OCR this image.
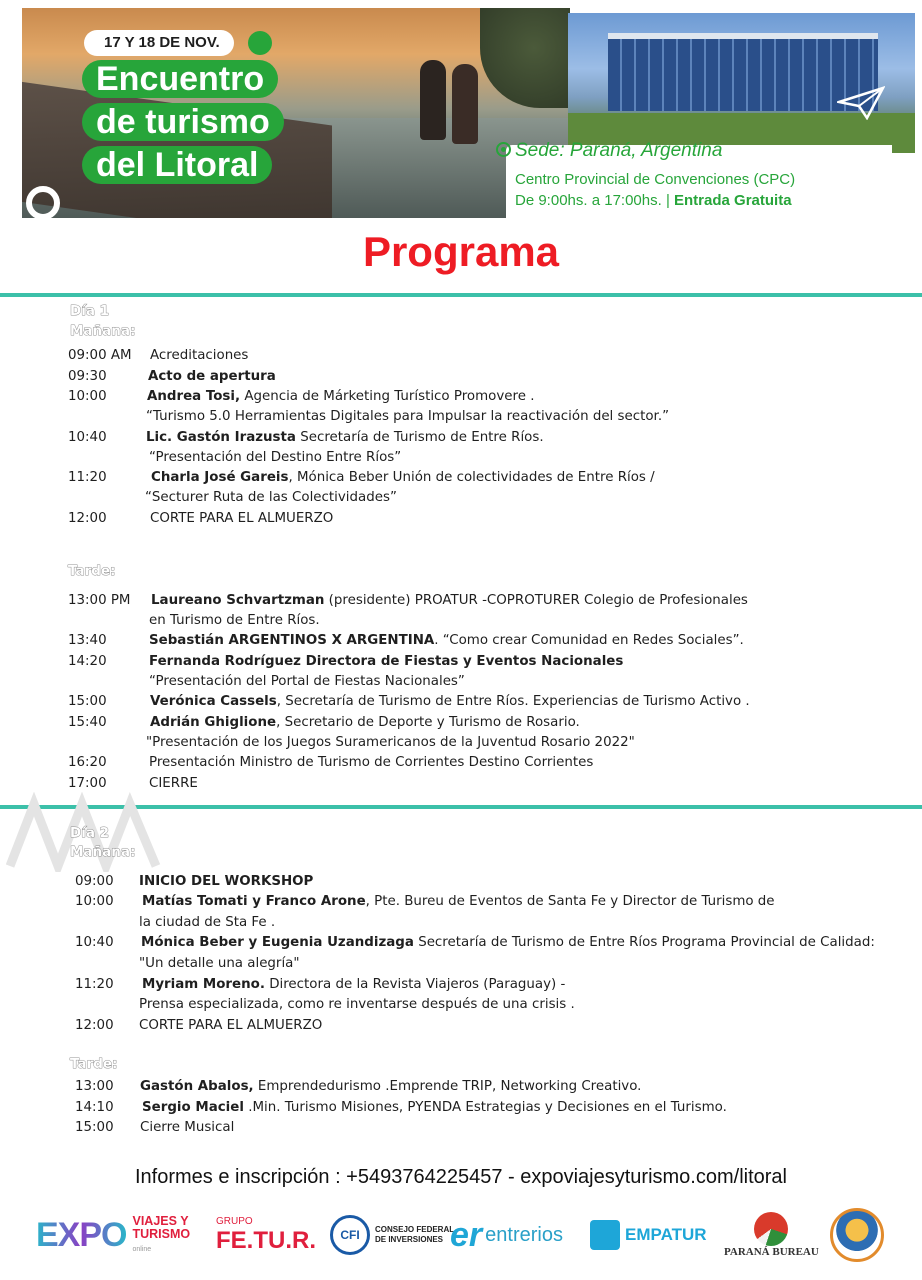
17 Y 18 DE NOV.
Encuentro
de turismo
del Litoral	Sede: Paraná, Argentina
Centro Provincial de Convenciones (CPC)
De 9:00hs. a 17:00hs. | Entrada Gratuita
Programa
Día 1
Mañana:
09:00 AM Acreditaciones
09:30	Acto de apertura
10:00	Andrea Tosi, Agencia de Márketing Turístico Promovere .
“Turismo 5.0 Herramientas Digitales para Impulsar la reactivación del sector.”
10:40	Lic. Gastón Irazusta Secretaría de Turismo de Entre Ríos.
“Presentación del Destino Entre Ríos”
11:20	Charla José Gareis, Mónica Beber Unión de colectividades de Entre Ríos /
“Secturer Ruta de las Colectividades”
12:00	CORTE PARA EL ALMUERZO
Tarde:
13:00 PM Laureano Schvartzman (presidente) PROATUR -COPROTURER Colegio de Profesionales
en Turismo de Entre Ríos.
13:40	Sebastián ARGENTINOS X ARGENTINA. “Como crear Comunidad en Redes Sociales”.
14:20	Fernanda Rodríguez Directora de Fiestas y Eventos Nacionales
“Presentación del Portal de Fiestas Nacionales”
15:00	Verónica Cassels, Secretaría de Turismo de Entre Ríos. Experiencias de Turismo Activo .
15:40	Adrián Ghiglione, Secretario de Deporte y Turismo de Rosario.
"Presentación de los Juegos Suramericanos de la Juventud Rosario 2022"
16:20	Presentación Ministro de Turismo de Corrientes Destino Corrientes
17:00	CIERRE
Día 2
Mañana:
09:00 INICIO DEL WORKSHOP
10:00 Matías Tomati y Franco Arone, Pte. Bureu de Eventos de Santa Fe y Director de Turismo de
la ciudad de Sta Fe .
10:40 Mónica Beber y Eugenia Uzandizaga Secretaría de Turismo de Entre Ríos Programa Provincial de Calidad:
"Un detalle una alegría"
11:20 Myriam Moreno. Directora de la Revista Viajeros (Paraguay) -
Prensa especializada, como re inventarse después de una crisis .
12:00 CORTE PARA EL ALMUERZO
Tarde:
13:00 Gastón Abalos, Emprendedurismo .Emprende TRIP, Networking Creativo.
14:10 Sergio Maciel .Min. Turismo Misiones, PYENDA Estrategias y Decisiones en el Turismo.
15:00 Cierre Musical
Informes e inscripción : +5493764225457 - expoviajesyturismo.com/litoral
EXPO VIAJES Y
TURISMO
online
GRUPO
FE.TU.R.	CFI	CONSEJO FEDERAL
DE INVERSIONES er entrerios	EMPATUR
PARANÁ BUREAU
